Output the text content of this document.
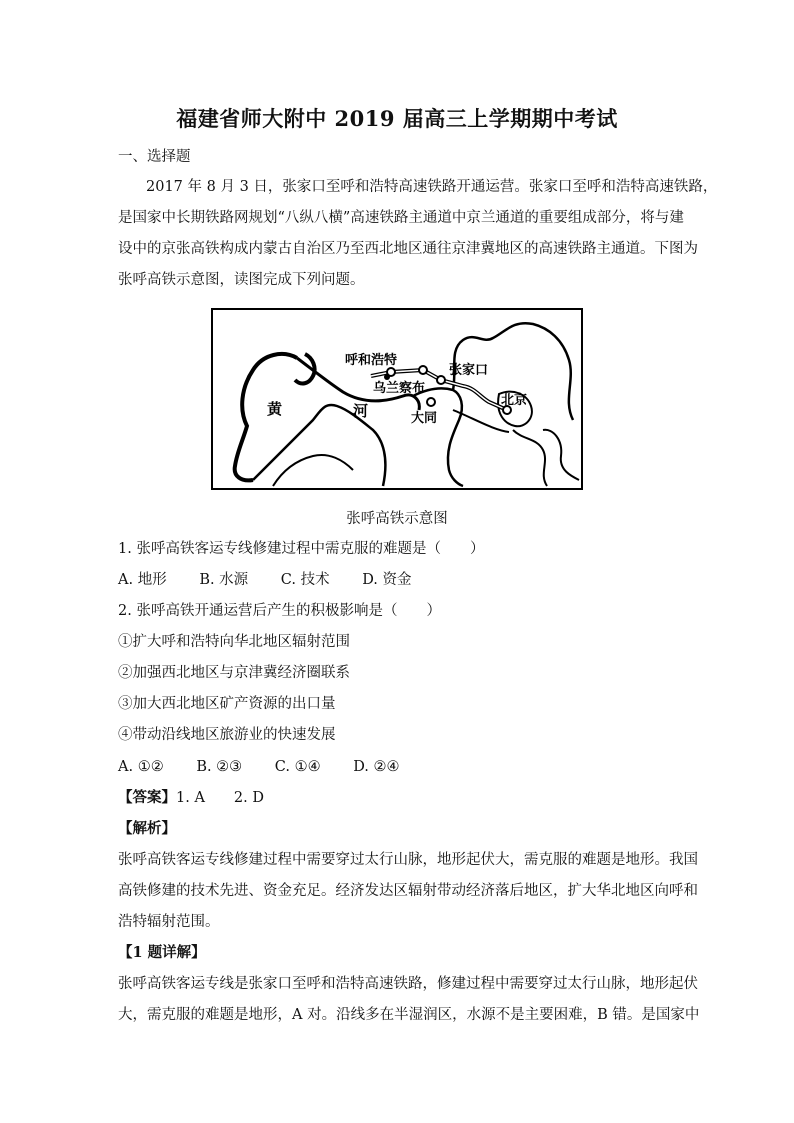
福建省师大附中 2019 届高三上学期期中考试
一、选择题
2017 年 8 月 3 日，张家口至呼和浩特高速铁路开通运营。张家口至呼和浩特高速铁路，
是国家中长期铁路网规划“八纵八横”高速铁路主通道中京兰通道的重要组成部分，将与建
设中的京张高铁构成内蒙古自治区乃至西北地区通往京津冀地区的高速铁路主通道。下图为
张呼高铁示意图，读图完成下列问题。
呼和浩特
乌兰察布
张家口
北京
大同
黄	河
张呼高铁示意图
1. 张呼高铁客运专线修建过程中需克服的难题是（　　）
A. 地形 B. 水源 C. 技术 D. 资金
2. 张呼高铁开通运营后产生的积极影响是（　　）
①扩大呼和浩特向华北地区辐射范围
②加强西北地区与京津冀经济圈联系
③加大西北地区矿产资源的出口量
④带动沿线地区旅游业的快速发展
A. ①② B. ②③ C. ①④ D. ②④
【答案】1. A　　2. D
【解析】
张呼高铁客运专线修建过程中需要穿过太行山脉，地形起伏大，需克服的难题是地形。我国
高铁修建的技术先进、资金充足。经济发达区辐射带动经济落后地区，扩大华北地区向呼和
浩特辐射范围。
【1 题详解】
张呼高铁客运专线是张家口至呼和浩特高速铁路，修建过程中需要穿过太行山脉，地形起伏
大，需克服的难题是地形，A 对。沿线多在半湿润区，水源不是主要困难，B 错。是国家中
